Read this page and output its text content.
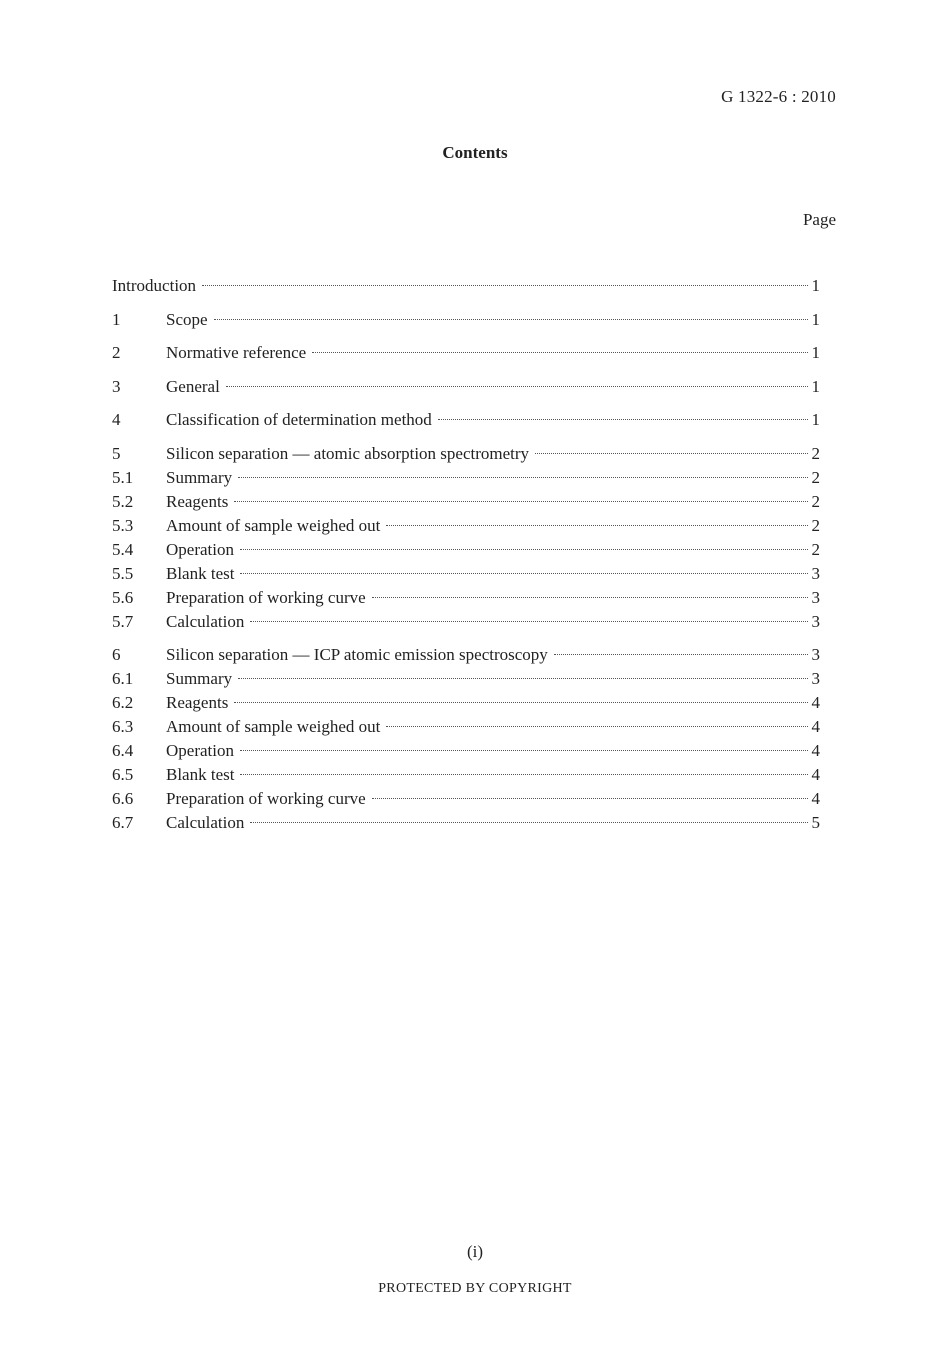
G 1322-6 : 2010
Contents
Page
Introduction	1
1	Scope	1
2	Normative reference	1
3	General	1
4	Classification of determination method	1
5	Silicon separation — atomic absorption spectrometry	2
5.1	Summary	2
5.2	Reagents	2
5.3	Amount of sample weighed out	2
5.4	Operation	2
5.5	Blank test	3
5.6	Preparation of working curve	3
5.7	Calculation	3
6	Silicon separation — ICP atomic emission spectroscopy	3
6.1	Summary	3
6.2	Reagents	4
6.3	Amount of sample weighed out	4
6.4	Operation	4
6.5	Blank test	4
6.6	Preparation of working curve	4
6.7	Calculation	5
(i)
PROTECTED BY COPYRIGHT
